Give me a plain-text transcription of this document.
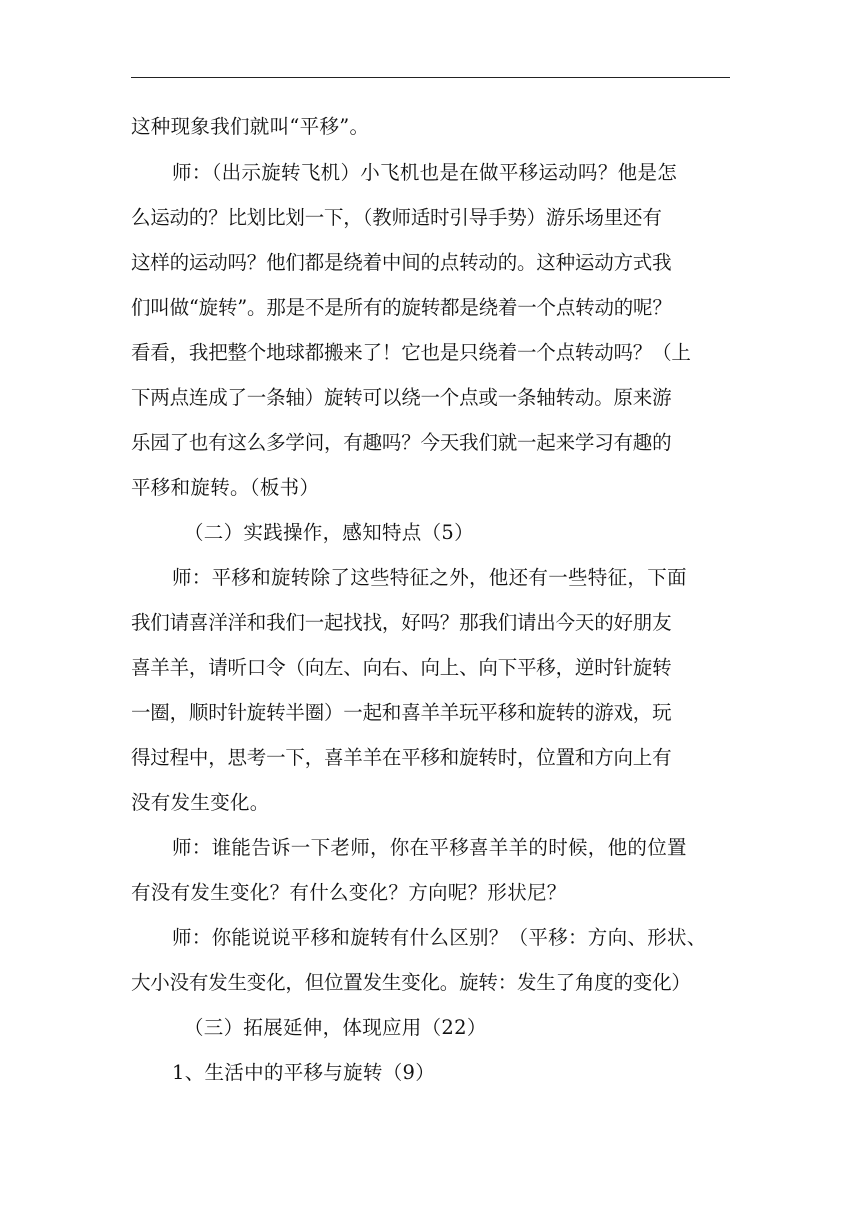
这种现象我们就叫“平移”。
师：（出示旋转飞机）小飞机也是在做平移运动吗？他是怎
么运动的？比划比划一下，（教师适时引导手势）游乐场里还有
这样的运动吗？他们都是绕着中间的点转动的。这种运动方式我
们叫做“旋转”。那是不是所有的旋转都是绕着一个点转动的呢？
看看，我把整个地球都搬来了！它也是只绕着一个点转动吗？（上
下两点连成了一条轴）旋转可以绕一个点或一条轴转动。原来游
乐园了也有这么多学问，有趣吗？今天我们就一起来学习有趣的
平移和旋转。（板书）
（二）实践操作，感知特点（5）
师：平移和旋转除了这些特征之外，他还有一些特征，下面
我们请喜洋洋和我们一起找找，好吗？那我们请出今天的好朋友
喜羊羊，请听口令（向左、向右、向上、向下平移，逆时针旋转
一圈，顺时针旋转半圈）一起和喜羊羊玩平移和旋转的游戏，玩
得过程中，思考一下，喜羊羊在平移和旋转时，位置和方向上有
没有发生变化。
师：谁能告诉一下老师，你在平移喜羊羊的时候，他的位置
有没有发生变化？有什么变化？方向呢？形状尼？
师：你能说说平移和旋转有什么区别？（平移：方向、形状、
大小没有发生变化，但位置发生变化。旋转：发生了角度的变化）
（三）拓展延伸，体现应用（22）
1、生活中的平移与旋转（9）
